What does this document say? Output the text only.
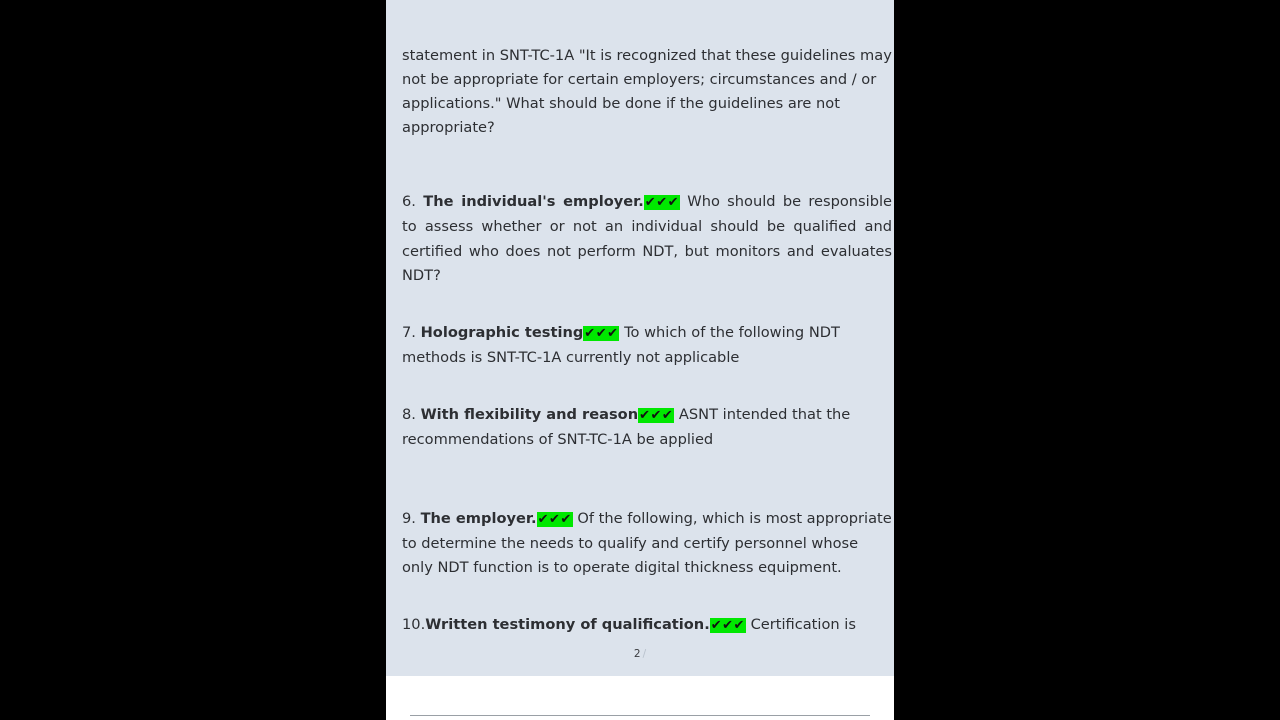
statement in SNT-TC-1A "It is recognized that these guidelines may not be appropriate for certain employers; circumstances and / or applications." What should be done if the guidelines are not appropriate?

6. The individual's employer.✔✔✔ Who should be responsible to assess whether or not an individual should be qualified and certified who does not perform NDT, but monitors and evaluates NDT?

7. Holographic testing✔✔✔ To which of the following NDT methods is SNT-TC-1A currently not applicable

8. With flexibility and reason✔✔✔ ASNT intended that the recommendations of SNT-TC-1A be applied

9. The employer.✔✔✔ Of the following, which is most appropriate to determine the needs to qualify and certify personnel whose only NDT function is to operate digital thickness equipment.

10.Written testimony of qualification.✔✔✔ Certification is

2 /
